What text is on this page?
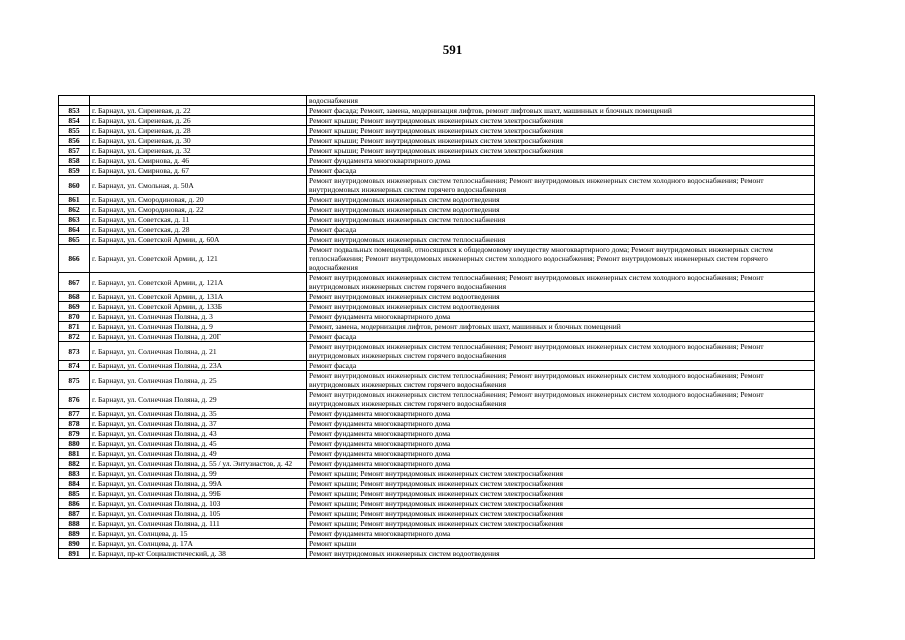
591
		водоснабжения
853	г. Барнаул, ул. Сиреневая, д. 22	Ремонт фасада; Ремонт, замена, модернизация лифтов, ремонт лифтовых шахт, машинных и блочных помещений
854	г. Барнаул, ул. Сиреневая, д. 26	Ремонт крыши; Ремонт внутридомовых инженерных систем электроснабжения
855	г. Барнаул, ул. Сиреневая, д. 28	Ремонт крыши; Ремонт внутридомовых инженерных систем электроснабжения
856	г. Барнаул, ул. Сиреневая, д. 30	Ремонт крыши; Ремонт внутридомовых инженерных систем электроснабжения
857	г. Барнаул, ул. Сиреневая, д. 32	Ремонт крыши; Ремонт внутридомовых инженерных систем электроснабжения
858	г. Барнаул, ул. Смирнова, д. 46	Ремонт фундамента многоквартирного дома
859	г. Барнаул, ул. Смирнова, д. 67	Ремонт фасада
860	г. Барнаул, ул. Смольная, д. 50А	Ремонт внутридомовых инженерных систем теплоснабжения; Ремонт внутридомовых инженерных систем холодного водоснабжения; Ремонт внутридомовых инженерных систем горячего водоснабжения
861	г. Барнаул, ул. Смородиновая, д. 20	Ремонт внутридомовых инженерных систем водоотведения
862	г. Барнаул, ул. Смородиновая, д. 22	Ремонт внутридомовых инженерных систем водоотведения
863	г. Барнаул, ул. Советская, д. 11	Ремонт внутридомовых инженерных систем теплоснабжения
864	г. Барнаул, ул. Советская, д. 28	Ремонт фасада
865	г. Барнаул, ул. Советской Армии, д. 60А	Ремонт внутридомовых инженерных систем теплоснабжения
866	г. Барнаул, ул. Советской Армии, д. 121	Ремонт подвальных помещений, относящихся к общедомовому имуществу многоквартирного дома; Ремонт внутридомовых инженерных систем теплоснабжения; Ремонт внутридомовых инженерных систем холодного водоснабжения; Ремонт внутридомовых инженерных систем горячего водоснабжения
867	г. Барнаул, ул. Советской Армии, д. 121А	Ремонт внутридомовых инженерных систем теплоснабжения; Ремонт внутридомовых инженерных систем холодного водоснабжения; Ремонт внутридомовых инженерных систем горячего водоснабжения
868	г. Барнаул, ул. Советской Армии, д. 131А	Ремонт внутридомовых инженерных систем водоотведения
869	г. Барнаул, ул. Советской Армии, д. 133Б	Ремонт внутридомовых инженерных систем водоотведения
870	г. Барнаул, ул. Солнечная Поляна, д. 3	Ремонт фундамента многоквартирного дома
871	г. Барнаул, ул. Солнечная Поляна, д. 9	Ремонт, замена, модернизация лифтов, ремонт лифтовых шахт, машинных и блочных помещений
872	г. Барнаул, ул. Солнечная Поляна, д. 20Г	Ремонт фасада
873	г. Барнаул, ул. Солнечная Поляна, д. 21	Ремонт внутридомовых инженерных систем теплоснабжения; Ремонт внутридомовых инженерных систем холодного водоснабжения; Ремонт внутридомовых инженерных систем горячего водоснабжения
874	г. Барнаул, ул. Солнечная Поляна, д. 23А	Ремонт фасада
875	г. Барнаул, ул. Солнечная Поляна, д. 25	Ремонт внутридомовых инженерных систем теплоснабжения; Ремонт внутридомовых инженерных систем холодного водоснабжения; Ремонт внутридомовых инженерных систем горячего водоснабжения
876	г. Барнаул, ул. Солнечная Поляна, д. 29	Ремонт внутридомовых инженерных систем теплоснабжения; Ремонт внутридомовых инженерных систем холодного водоснабжения; Ремонт внутридомовых инженерных систем горячего водоснабжения
877	г. Барнаул, ул. Солнечная Поляна, д. 35	Ремонт фундамента многоквартирного дома
878	г. Барнаул, ул. Солнечная Поляна, д. 37	Ремонт фундамента многоквартирного дома
879	г. Барнаул, ул. Солнечная Поляна, д. 43	Ремонт фундамента многоквартирного дома
880	г. Барнаул, ул. Солнечная Поляна, д. 45	Ремонт фундамента многоквартирного дома
881	г. Барнаул, ул. Солнечная Поляна, д. 49	Ремонт фундамента многоквартирного дома
882	г. Барнаул, ул. Солнечная Поляна, д. 55 / ул. Энтузиастов, д. 42	Ремонт фундамента многоквартирного дома
883	г. Барнаул, ул. Солнечная Поляна, д. 99	Ремонт крыши; Ремонт внутридомовых инженерных систем электроснабжения
884	г. Барнаул, ул. Солнечная Поляна, д. 99А	Ремонт крыши; Ремонт внутридомовых инженерных систем электроснабжения
885	г. Барнаул, ул. Солнечная Поляна, д. 99Б	Ремонт крыши; Ремонт внутридомовых инженерных систем электроснабжения
886	г. Барнаул, ул. Солнечная Поляна, д. 103	Ремонт крыши; Ремонт внутридомовых инженерных систем электроснабжения
887	г. Барнаул, ул. Солнечная Поляна, д. 105	Ремонт крыши; Ремонт внутридомовых инженерных систем электроснабжения
888	г. Барнаул, ул. Солнечная Поляна, д. 111	Ремонт крыши; Ремонт внутридомовых инженерных систем электроснабжения
889	г. Барнаул, ул. Солнцева, д. 15	Ремонт фундамента многоквартирного дома
890	г. Барнаул, ул. Солнцева, д. 17А	Ремонт крыши
891	г. Барнаул, пр-кт Социалистический, д. 38	Ремонт внутридомовых инженерных систем водоотведения
